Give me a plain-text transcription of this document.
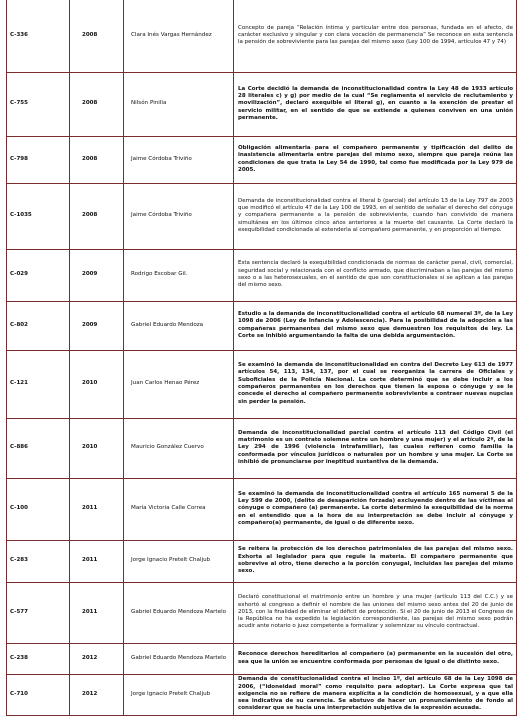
C-336	2008	Clara Inés Vargas Hernández	Concepto de pareja “Relación íntima y particular entre dos personas, fundada en el afecto, de carácter exclusivo y singular y con clara vocación de permanencia” Se reconoce en esta sentencia la pensión de sobreviviente para las parejas del mismo sexo (Ley 100 de 1994, artículos 47 y 74)
C-755	2008	Nilsón Pinilla	La Corte decidió la demanda de inconstitucionalidad contra la Ley 48 de 1933 artículo 28 literales c) y g) por medio de la cual “Se reglamenta el servicio de reclutamiento y movilización”, declaró exequible el literal g), en cuanto a la exención de prestar el servicio militar, en el sentido de que se extiende a quienes conviven en una unión permanente.
C-798	2008	Jaime Córdoba Triviño	Obligación alimentaria para el compañero permanente y tipificación del delito de inasistencia alimentaria entre parejas del mismo sexo, siempre que pareja reúna las condiciones de que trata la Ley 54 de 1990, tal como fue modificada por la Ley 979 de 2005.
C-1035	2008	Jaime Córdoba Triviño	Demanda de inconstitucionalidad contra el literal b (parcial) del artículo 13 de la Ley 797 de 2003 que modificó el artículo 47 de la Ley 100 de 1993, en el sentido de señalar el derecho del cónyuge y compañera permanente a la pensión de sobreviviente, cuando han convivido de manera simultánea en los últimos cinco años anteriores a la muerte del causante. La Corte declaró la exequibilidad condicionada al extenderla al compañero permanente, y en proporción al tiempo.
C-029	2009	Rodrigo Escobar Gil.	Esta sentencia declaró la exequibilidad condicionada de normas de carácter penal, civil, comercial, seguridad social y relacionada con el conflicto armado, que discriminaban a las parejas del mismo sexo o a las heterosexuales, en el sentido de que son constitucionales si se aplican a las parejas del mismo sexo.
C-802	2009	Gabriel Eduardo Mendoza	Estudio a la demanda de inconstitucionalidad contra el artículo 68 numeral 3º, de la Ley 1098 de 2006 (Ley de Infancia y Adolescencia). Para la posibilidad de la adopción a las compañeras permanentes del mismo sexo que demuestren los requisitos de ley. La Corte se inhibió argumentando la falta de una debida argumentación.
C-121	2010	Juan Carlos Henao Pérez	Se examinó la demanda de inconstitucionalidad en contra del Decreto Ley 613 de 1977 artículos 54, 113, 134, 137, por el cual se reorganiza la carrera de Oficiales y Suboficiales de la Policía Nacional. La corte determinó que se debe incluir a los compañeros permanentes en los derechos que tienen la esposa o cónyuge y se le concede el derecho al compañero permanente sobreviviente a contraer nuevas nupcias sin perder la pensión.
C-886	2010	Mauricio González Cuervo	Demanda de inconstitucionalidad parcial contra el artículo 113 del Código Civil (el matrimonio es un contrato solemne entre un hombre y una mujer) y el artículo 2º, de la Ley 294 de 1996 (violencia intrafamiliar), las cuales refieren como familia la conformada por vínculos jurídicos o naturales por un hombre y una mujer. La Corte se inhibió de pronunciarse por ineptitud sustantiva de la demanda.
C-100	2011	María Victoria Calle Correa	Se examinó la demanda de inconstitucionalidad contra el artículo 165 numeral 5 de la Ley 599 de 2000, (delito de desaparición forzada) excluyendo dentro de las víctimas al cónyuge o compañero (a) permanente. La corte determinó la exequibilidad de la norma en el entendido que a la hora de su interpretación se debe incluir al cónyuge y compañero(a) permanente, de igual o de diferente sexo.
C-283	2011	Jorge Ignacio Pretelt Chaljub	Se reitera la protección de los derechos patrimoniales de las parejas del mismo sexo. Exhorta al legislador para que regule la materia. El compañero permanente que sobrevive al otro, tiene derecho a la porción conyugal, incluidas las parejas del mismo sexo.
C-577	2011	Gabriel Eduardo Mendoza Martelo	Declaró constitucional el matrimonio entre un hombre y una mujer (artículo 113 del C.C.) y se exhortó al congreso a definir el nombre de las uniones del mismo sexo antes del 20 de junio de 2013, con la finalidad de eliminar el déficit de protección. Si el 20 de junio de 2013 el Congreso de la República no ha expedido la legislación correspondiente, las parejas del mismo sexo podrán acudir ante notario o juez competente a formalizar y solemnizar su vínculo contractual.
C-238	2012	Gabriel Eduardo Mendoza Martelo	Reconoce derechos hereditarios al compañero (a) permanente en la sucesión del otro, sea que la unión se encuentre conformada por personas de igual o de distinto sexo.
C-710	2012	Jorge Ignacio Pretelt Chaljub	Demanda de constitucionalidad contra el inciso 1º, del artículo 68 de la Ley 1098 de 2006, (“idoneidad moral” como requisito para adoptar). La Corte expresa que tal exigencia no se refiere de manera explícita a la condición de homosexual, y a que ella sea indicativa de su carencia. Se abstuvo de hacer un pronunciamiento de fondo al considerar que se hacía una interpretación subjetiva de la expresión acusada.
